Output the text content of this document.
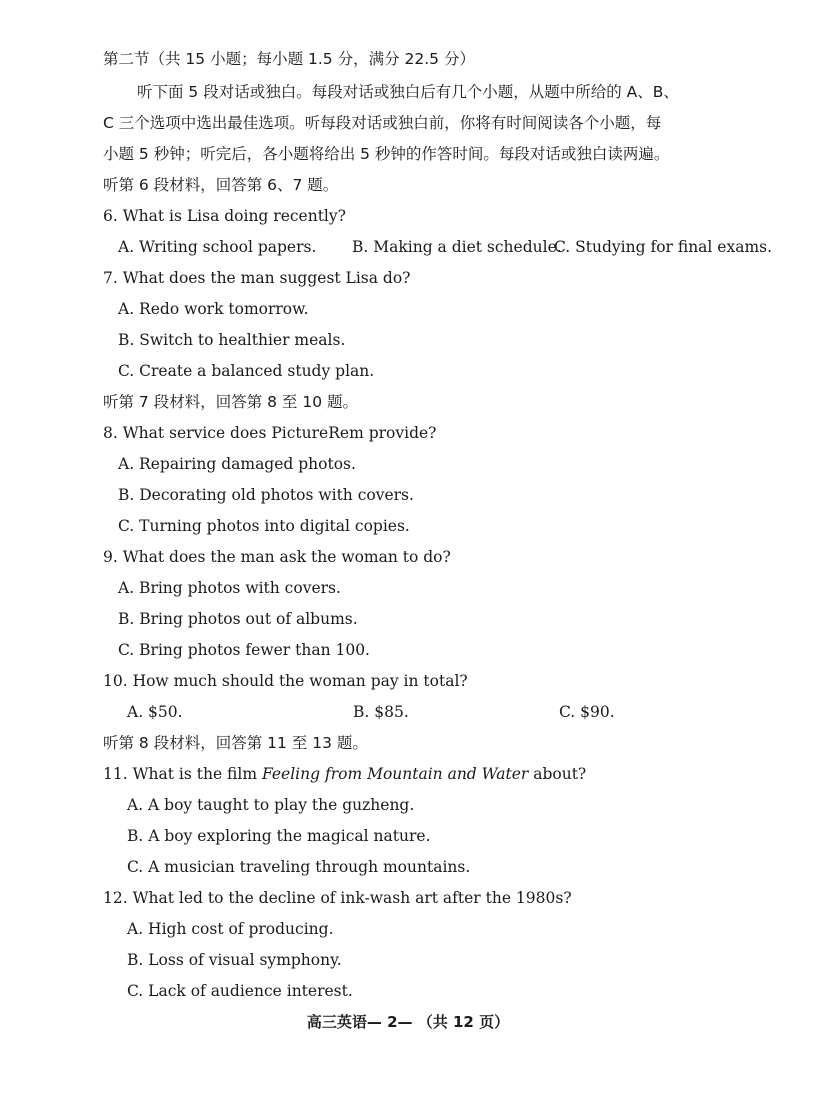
第二节（共 15 小题；每小题 1.5 分，满分 22.5 分）
听下面 5 段对话或独白。每段对话或独白后有几个小题，从题中所给的 A、B、
C 三个选项中选出最佳选项。听每段对话或独白前，你将有时间阅读各个小题，每
小题 5 秒钟；听完后，各小题将给出 5 秒钟的作答时间。每段对话或独白读两遍。
听第 6 段材料，回答第 6、7 题。
6. What is Lisa doing recently?
A. Writing school papers. B. Making a diet schedule.
C. Studying for final exams.
7. What does the man suggest Lisa do?
A. Redo work tomorrow.
B. Switch to healthier meals.
C. Create a balanced study plan.
听第 7 段材料，回答第 8 至 10 题。
8. What service does PictureRem provide?
A. Repairing damaged photos.
B. Decorating old photos with covers.
C. Turning photos into digital copies.
9. What does the man ask the woman to do?
A. Bring photos with covers.
B. Bring photos out of albums.
C. Bring photos fewer than 100.
10. How much should the woman pay in total?
A. $50.	B. $85.	C. $90.
听第 8 段材料，回答第 11 至 13 题。
11. What is the film Feeling from Mountain and Water about?
A. A boy taught to play the guzheng.
B. A boy exploring the magical nature.
C. A musician traveling through mountains.
12. What led to the decline of ink-wash art after the 1980s?
A. High cost of producing.
B. Loss of visual symphony.
C. Lack of audience interest.
高三英语— 2— （共 12 页）
